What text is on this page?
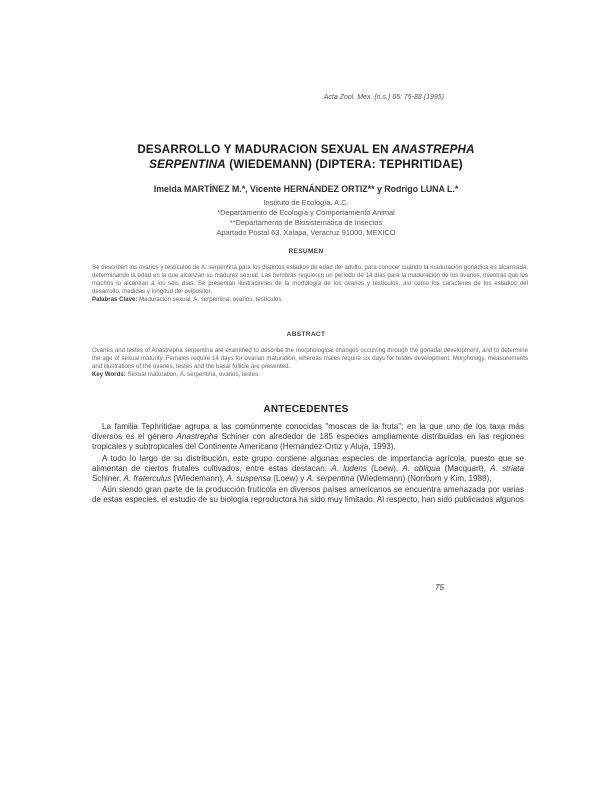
Acta Zool. Mex. (n.s.) 65: 75-88 (1995)
DESARROLLO Y MADURACION SEXUAL EN ANASTREPHA
SERPENTINA (WIEDEMANN) (DIPTERA: TEPHRITIDAE)
Imelda MARTÍNEZ M.*, Vicente HERNÁNDEZ ORTIZ** y Rodrigo LUNA L.*
Instituto de Ecología, A.C.
*Departamento de Ecología y Comportamiento Animal
**Departamento de Biosistemática de Insectos
Apartado Postal 63, Xalapa, Veracruz 91000, MEXICO
RESUMEN
Se describen los ovarios y testículos de A. serpentina para los distintos estadios de edad del adulto, para conocer cuándo la maduración gonádica es alcanzada, determinando la edad en la que alcanzan su madurez sexual. Las hembras requieren un período de 14 días para la maduración de los ovarios, mientras que los machos lo alcanzan a los seis días. Se presentan ilustraciones de la morfología de los ovarios y testículos, así como los caracteres de los estadios del desarrollo, medidas y longitud del ovipositor.
Palabras Clave: Maduración sexual, A. serpentina, ovarios, testículos.
ABSTRACT
Ovaries and testes of Anastrepha serpentina are examined to describe the morphological changes occurring through the gonadal development, and to determine the age of sexual maturity. Females require 14 days for ovarian maturation, whereas males require six days for testes development. Morphology, measurements and illustrations of the ovaries, testes and the basal follicle are presented.
Key Words: Sexual maturation, A. serpentina, ovaries, testes.
ANTECEDENTES

La familia Tephritidae agrupa a las comúnmente conocidas "moscas de la fruta"; en la que uno de los taxa más diversos es el género Anastrepha Schiner con alrededor de 185 especies ampliamente distribuidas en las regiones tropicales y subtropicales del Continente Americano (Hernández-Ortiz y Aluja, 1993).

A todo lo largo de su distribución, este grupo contiene algunas especies de importancia agrícola, puesto que se alimentan de ciertos frutales cultivados, entre estas destacan: A. ludens (Loew), A. obliqua (Macquart), A. striata Schiner, A. fraterculus (Wiedemann), A. suspensa (Loew) y A. serpentina (Wiedemann) (Norrbom y Kim, 1988).

Aún siendo gran parte de la producción frutícola en diversos países americanos se encuentra amenazada por varias de estas especies, el estudio de su biología reproductora ha sido muy limitado. Al respecto, han sido publicados algunos

75
